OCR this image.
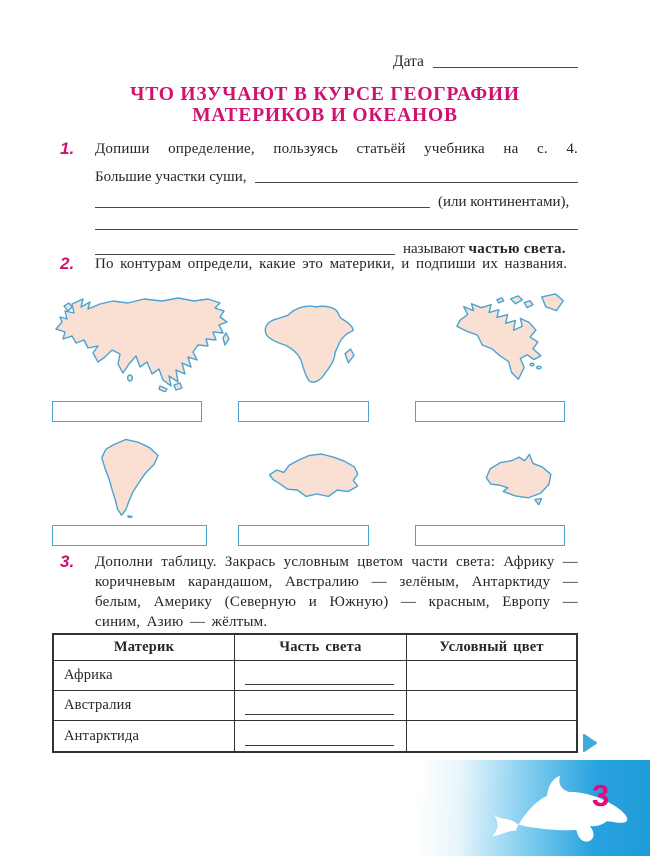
Дата
ЧТО ИЗУЧАЮТ В КУРСЕ ГЕОГРАФИИ
МАТЕРИКОВ И ОКЕАНОВ
1. Допиши определение, пользуясь статьёй учебника на с. 4.
Большие участки суши,
(или континентами),
называют частью света.
2. По контурам определи, какие это материки, и подпиши их названия.
3. Дополни таблицу. Закрась условным цветом части света: Африку — коричневым карандашом, Австралию — зелёным, Антарктиду — белым, Америку (Северную и Южную) — красным, Европу — синим, Азию — жёлтым.
Материк	Часть света	Условный цвет
Африка
Австралия
Антарктида
3
